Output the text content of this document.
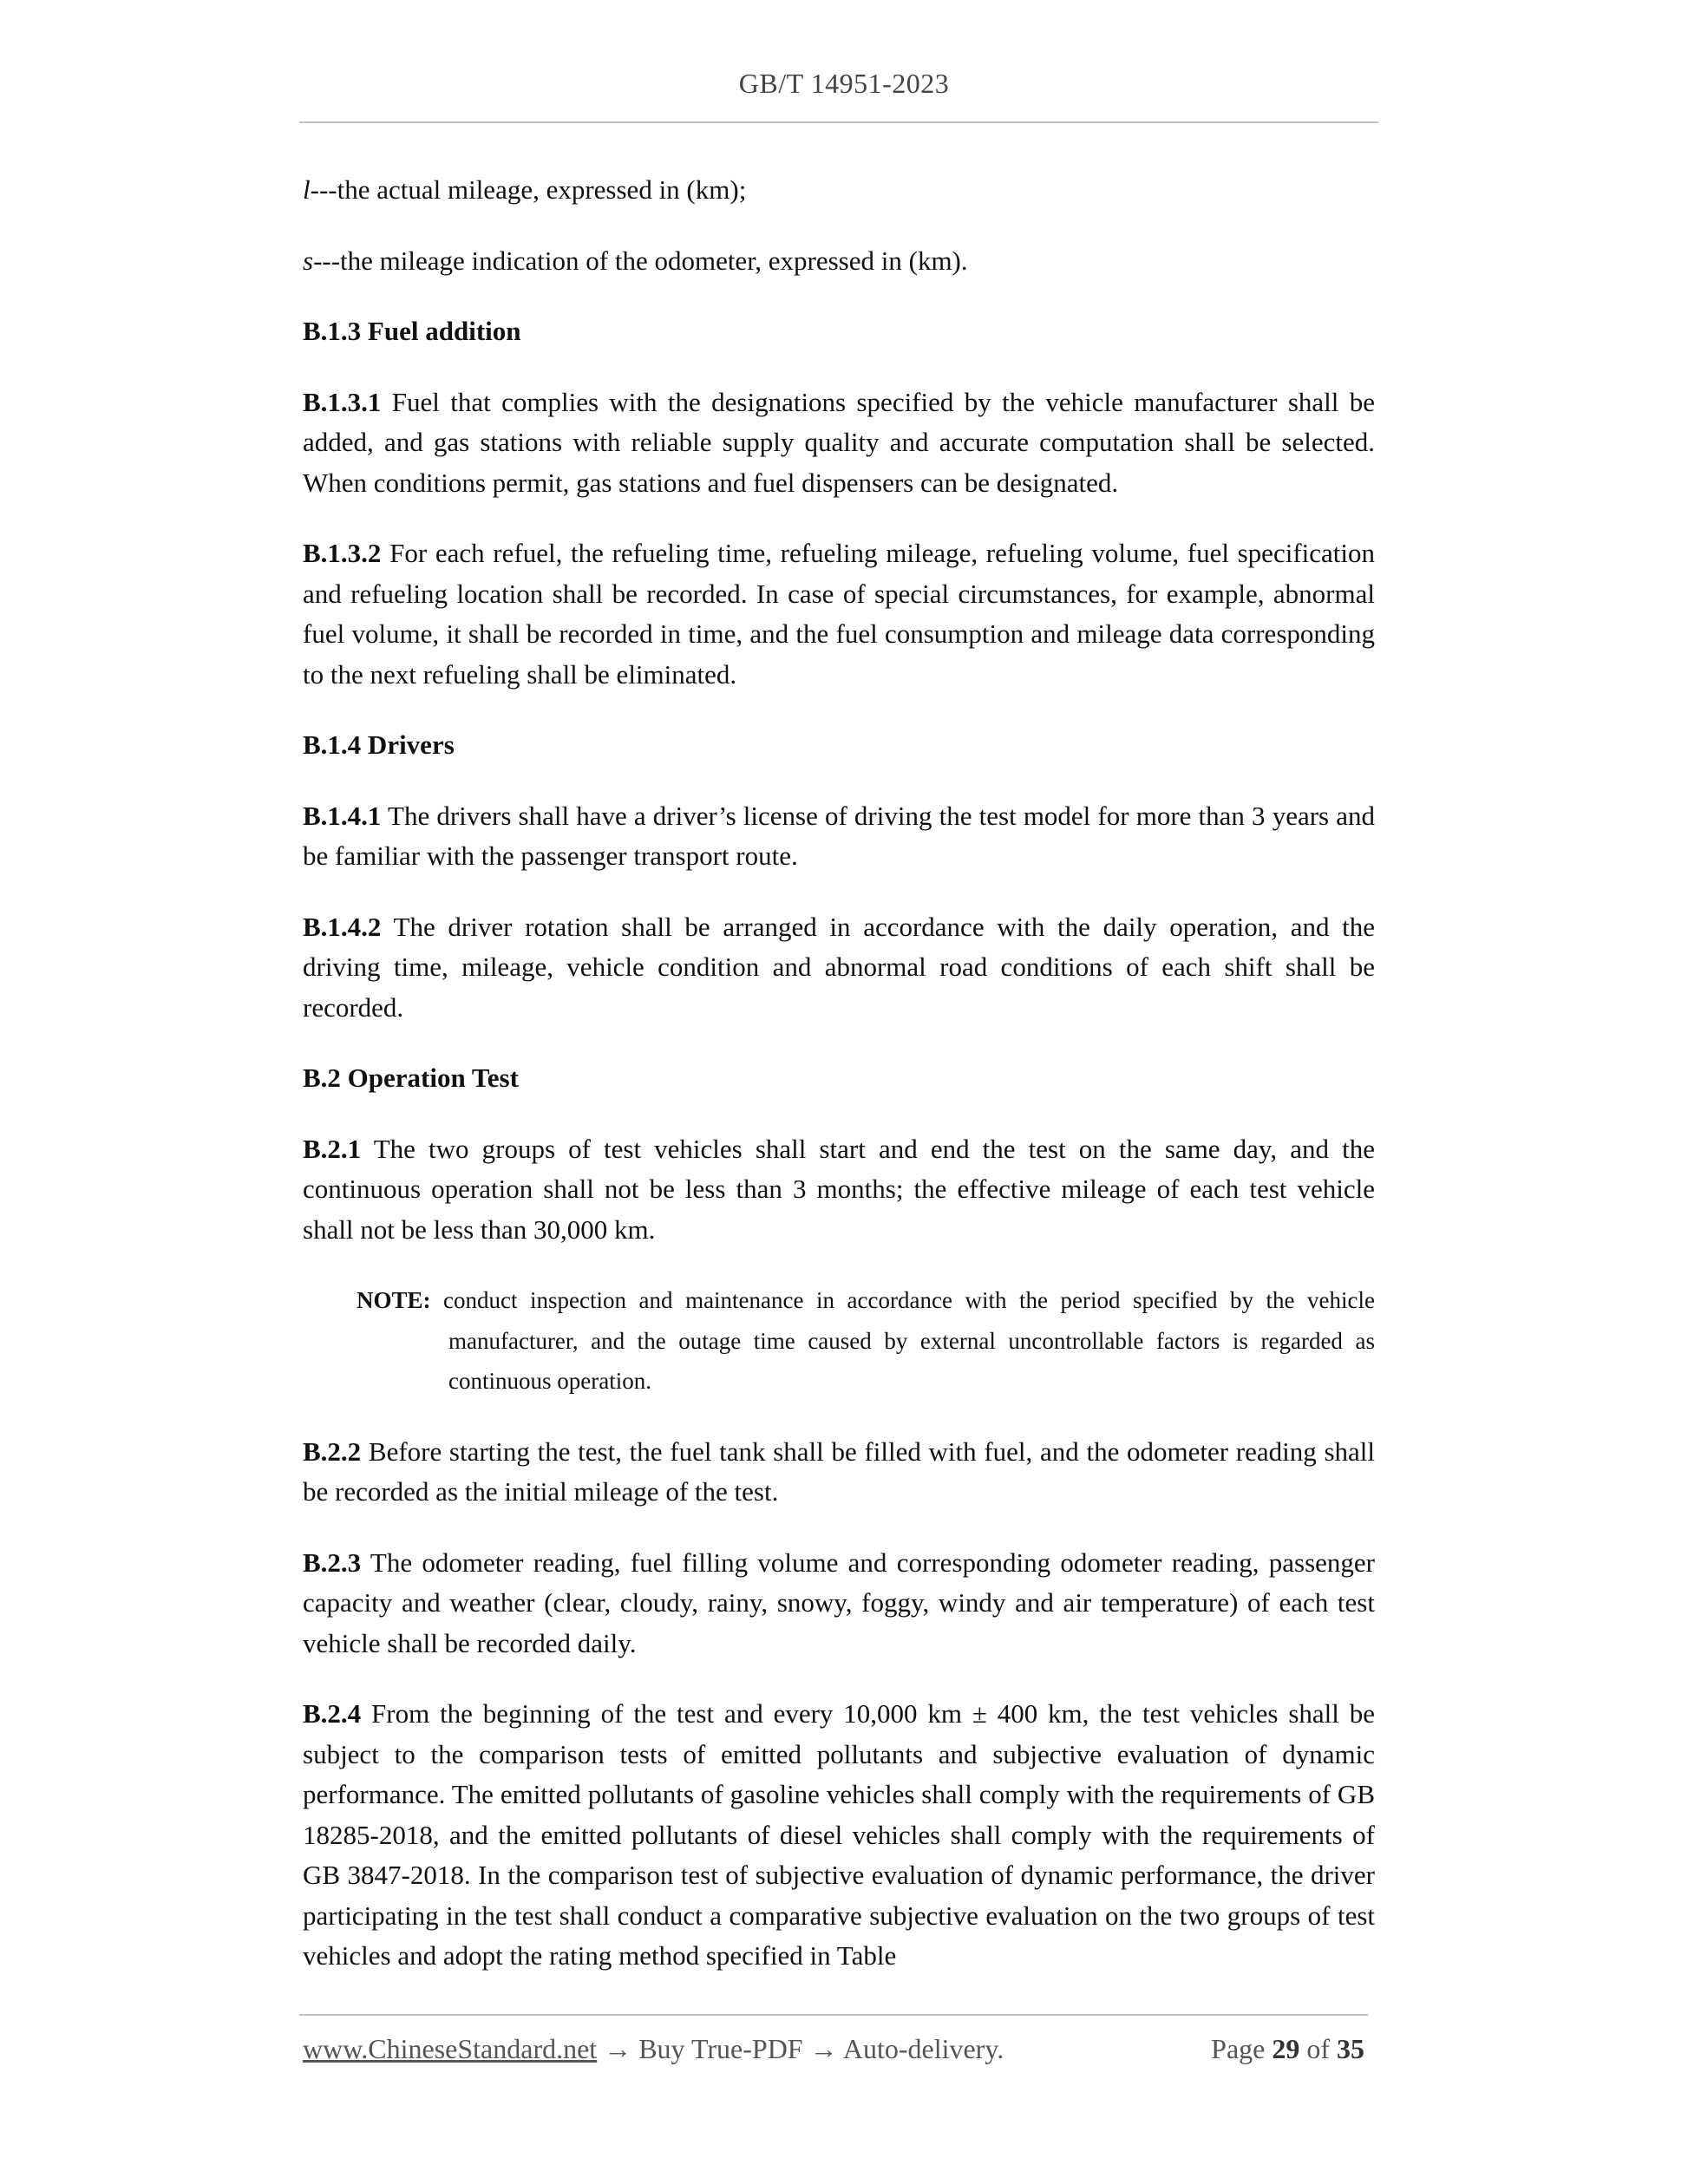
GB/T 14951-2023

l---the actual mileage, expressed in (km);

s---the mileage indication of the odometer, expressed in (km).

B.1.3 Fuel addition

B.1.3.1 Fuel that complies with the designations specified by the vehicle manufacturer shall be added, and gas stations with reliable supply quality and accurate computation shall be selected. When conditions permit, gas stations and fuel dispensers can be designated.

B.1.3.2 For each refuel, the refueling time, refueling mileage, refueling volume, fuel specification and refueling location shall be recorded. In case of special circumstances, for example, abnormal fuel volume, it shall be recorded in time, and the fuel consumption and mileage data corresponding to the next refueling shall be eliminated.

B.1.4 Drivers

B.1.4.1 The drivers shall have a driver’s license of driving the test model for more than 3 years and be familiar with the passenger transport route.

B.1.4.2 The driver rotation shall be arranged in accordance with the daily operation, and the driving time, mileage, vehicle condition and abnormal road conditions of each shift shall be recorded.

B.2 Operation Test

B.2.1 The two groups of test vehicles shall start and end the test on the same day, and the continuous operation shall not be less than 3 months; the effective mileage of each test vehicle shall not be less than 30,000 km.

NOTE: conduct inspection and maintenance in accordance with the period specified by the vehicle manufacturer, and the outage time caused by external uncontrollable factors is regarded as continuous operation.

B.2.2 Before starting the test, the fuel tank shall be filled with fuel, and the odometer reading shall be recorded as the initial mileage of the test.

B.2.3 The odometer reading, fuel filling volume and corresponding odometer reading, passenger capacity and weather (clear, cloudy, rainy, snowy, foggy, windy and air temperature) of each test vehicle shall be recorded daily.

B.2.4 From the beginning of the test and every 10,000 km ± 400 km, the test vehicles shall be subject to the comparison tests of emitted pollutants and subjective evaluation of dynamic performance. The emitted pollutants of gasoline vehicles shall comply with the requirements of GB 18285-2018, and the emitted pollutants of diesel vehicles shall comply with the requirements of GB 3847-2018. In the comparison test of subjective evaluation of dynamic performance, the driver participating in the test shall conduct a comparative subjective evaluation on the two groups of test vehicles and adopt the rating method specified in Table

www.ChineseStandard.net → Buy True-PDF → Auto-delivery.	Page 29 of 35
